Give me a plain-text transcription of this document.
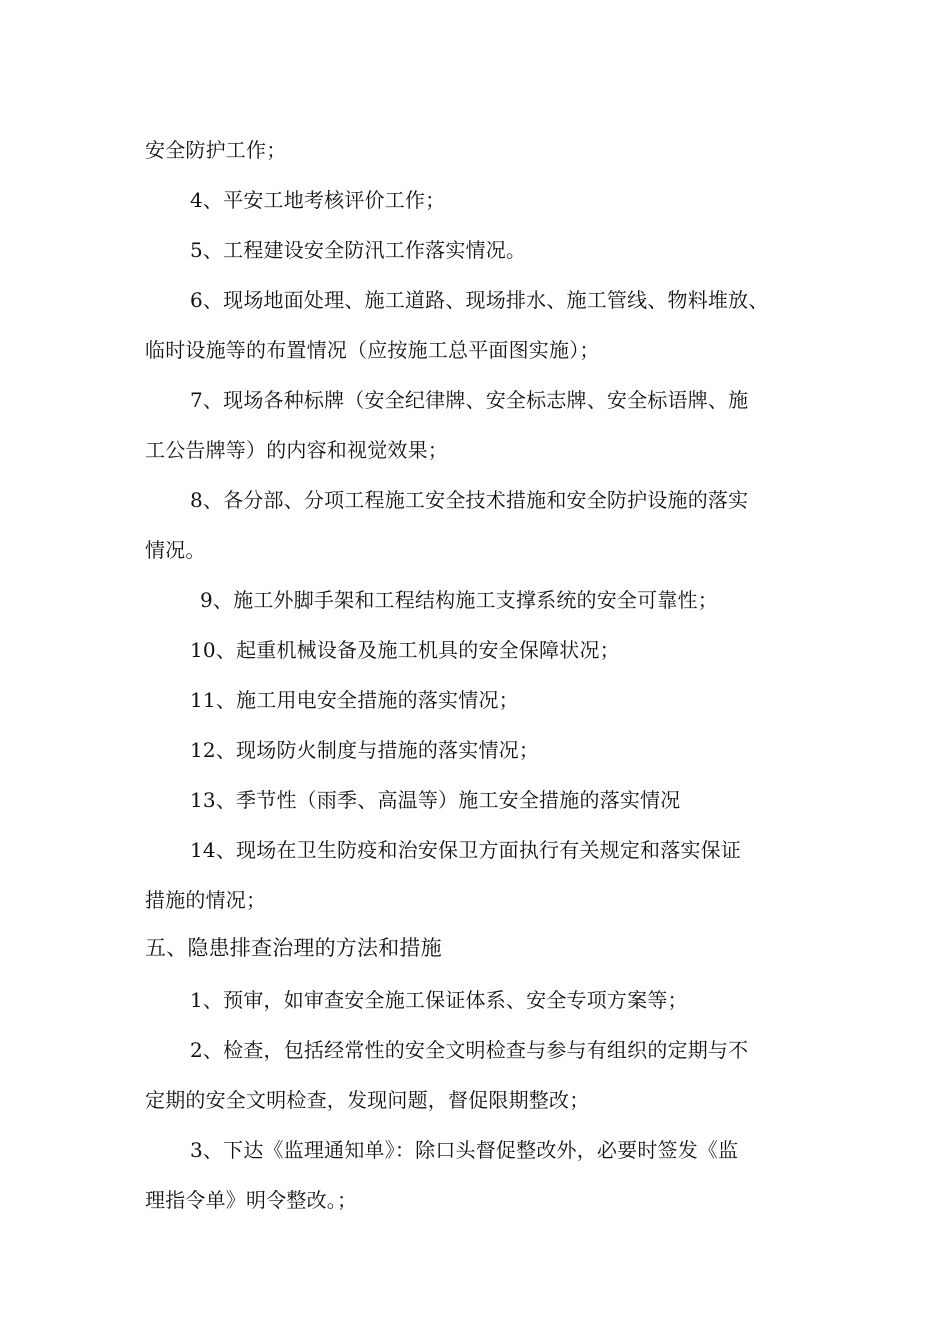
安全防护工作；
4、平安工地考核评价工作；
5、工程建设安全防汛工作落实情况。
6、现场地面处理、施工道路、现场排水、施工管线、物料堆放、
临时设施等的布置情况（应按施工总平面图实施）；
7、现场各种标牌（安全纪律牌、安全标志牌、安全标语牌、施
工公告牌等）的内容和视觉效果；
8、各分部、分项工程施工安全技术措施和安全防护设施的落实
情况。
9、施工外脚手架和工程结构施工支撑系统的安全可靠性；
10、起重机械设备及施工机具的安全保障状况；
11、施工用电安全措施的落实情况；
12、现场防火制度与措施的落实情况；
13、季节性（雨季、高温等）施工安全措施的落实情况
14、现场在卫生防疫和治安保卫方面执行有关规定和落实保证
措施的情况；
五、隐患排查治理的方法和措施
1、预审，如审查安全施工保证体系、安全专项方案等；
2、检查，包括经常性的安全文明检查与参与有组织的定期与不
定期的安全文明检查，发现问题，督促限期整改；
3、下达《监理通知单》：除口头督促整改外，必要时签发《监
理指令单》明令整改。；
